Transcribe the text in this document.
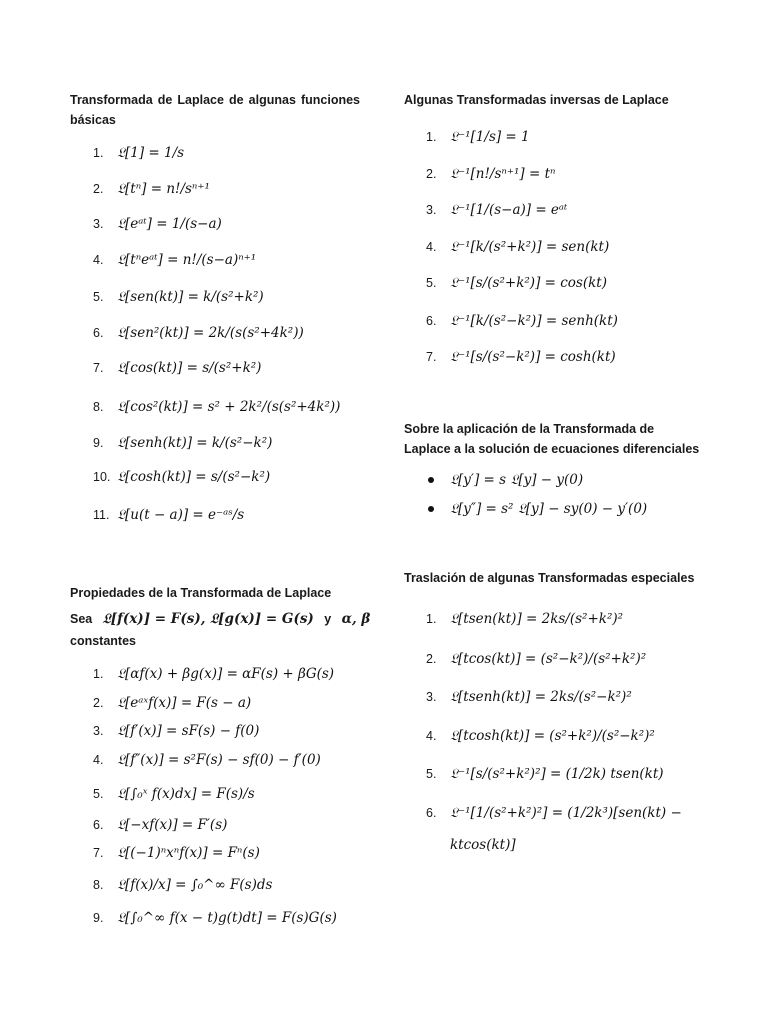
Transformada de Laplace de algunas funciones básicas
1. 𝔏[1] = 1/s
2. 𝔏[tⁿ] = n!/sⁿ⁺¹
3. 𝔏[eᵃᵗ] = 1/(s−a)
4. 𝔏[tⁿeᵃᵗ] = n!/(s−a)ⁿ⁺¹
5. 𝔏[sen(kt)] = k/(s²+k²)
6. 𝔏[sen²(kt)] = 2k/(s(s²+4k²))
7. 𝔏[cos(kt)] = s/(s²+k²)
8. 𝔏[cos²(kt)] = s² + 2k²/(s(s²+4k²))
9. 𝔏[senh(kt)] = k/(s²−k²)
10. 𝔏[cosh(kt)] = s/(s²−k²)
11. 𝔏[u(t − a)] = e⁻ᵃˢ/s
Algunas Transformadas inversas de Laplace
1. 𝔏⁻¹[1/s] = 1
2. 𝔏⁻¹[n!/sⁿ⁺¹] = tⁿ
3. 𝔏⁻¹[1/(s−a)] = eᵃᵗ
4. 𝔏⁻¹[k/(s²+k²)] = sen(kt)
5. 𝔏⁻¹[s/(s²+k²)] = cos(kt)
6. 𝔏⁻¹[k/(s²−k²)] = senh(kt)
7. 𝔏⁻¹[s/(s²−k²)] = cosh(kt)
Sobre la aplicación de la Transformada de Laplace a la solución de ecuaciones diferenciales
𝔏[y′] = s 𝔏[y] − y(0)
𝔏[y″] = s² 𝔏[y] − sy(0) − y′(0)
Propiedades de la Transformada de Laplace
Sea 𝔏[f(x)] = F(s), 𝔏[g(x)] = G(s) y α, β
constantes
1. 𝔏[αf(x) + βg(x)] = αF(s) + βG(s)
2. 𝔏[eᵃˣf(x)] = F(s − a)
3. 𝔏[f′(x)] = sF(s) − f(0)
4. 𝔏[f″(x)] = s²F(s) − sf(0) − f′(0)
5. 𝔏[∫₀ˣ f(x)dx] = F(s)/s
6. 𝔏[−xf(x)] = F′(s)
7. 𝔏[(−1)ⁿxⁿf(x)] = Fⁿ(s)
8. 𝔏[f(x)/x] = ∫₀^∞ F(s)ds
9. 𝔏[∫₀^∞ f(x − t)g(t)dt] = F(s)G(s)
Traslación de algunas Transformadas especiales
1. 𝔏[tsen(kt)] = 2ks/(s²+k²)²
2. 𝔏[tcos(kt)] = (s²−k²)/(s²+k²)²
3. 𝔏[tsenh(kt)] = 2ks/(s²−k²)²
4. 𝔏[tcosh(kt)] = (s²+k²)/(s²−k²)²
5. 𝔏⁻¹[s/(s²+k²)²] = (1/2k) tsen(kt)
6. 𝔏⁻¹[1/(s²+k²)²] = (1/2k³)[sen(kt) −
ktcos(kt)]
